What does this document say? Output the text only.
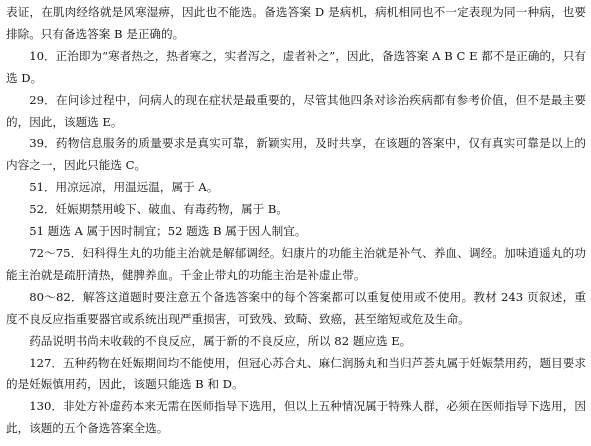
表证，在肌肉经络就是风寒湿痹，因此也不能选。备选答案 D 是病机，病机相同也不一定表现为同一种病，也要排除。只有备选答案 B 是正确的。

10．正治即为“寒者热之，热者寒之，实者泻之，虚者补之”，因此，备选答案 A B C E 都不是正确的，只有选 D。

29．在问诊过程中，问病人的现在症状是最重要的，尽管其他四条对诊治疾病都有参考价值，但不是最主要的，因此，该题选 E。

39．药物信息服务的质量要求是真实可靠，新颖实用，及时共享，在该题的答案中，仅有真实可靠是以上的内容之一，因此只能选 C。

51．用凉远凉，用温远温，属于 A。

52．妊娠期禁用峻下、破血、有毒药物，属于 B。

51 题选 A 属于因时制宜；52 题选 B 属于因人制宜。

72～75．妇科得生丸的功能主治就是解郁调经。妇康片的功能主治就是补气、养血、调经。加味逍遥丸的功能主治就是疏肝清热，健脾养血。千金止带丸的功能主治是补虚止带。

80～82．解答这道题时要注意五个备选答案中的每个答案都可以重复使用或不使用。教材 243 页叙述，重度不良反应指重要器官或系统出现严重损害，可致残、致畸、致癌，甚至缩短或危及生命。

药品说明书尚未收载的不良反应，属于新的不良反应，所以 82 题应选 E。

127．五种药物在妊娠期间均不能使用，但冠心苏合丸、麻仁润肠丸和当归芦荟丸属于妊娠禁用药，题目要求的是妊娠慎用药，因此，该题只能选 B 和 D。

130．非处方补虚药本来无需在医师指导下选用，但以上五种情况属于特殊人群，必须在医师指导下选用，因此，该题的五个备选答案全选。
